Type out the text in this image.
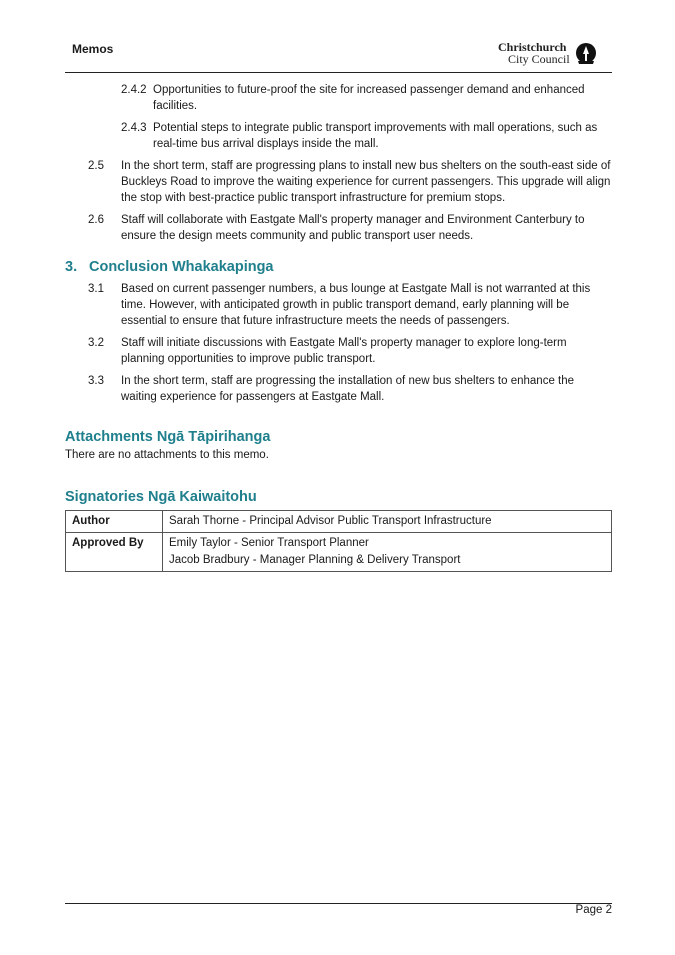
Memos	Christchurch
City Council
2.4.2 Opportunities to future-proof the site for increased passenger demand and enhanced facilities.
2.4.3 Potential steps to integrate public transport improvements with mall operations, such as real-time bus arrival displays inside the mall.
2.5 In the short term, staff are progressing plans to install new bus shelters on the south-east side of Buckleys Road to improve the waiting experience for current passengers. This upgrade will align the stop with best-practice public transport infrastructure for premium stops.
2.6 Staff will collaborate with Eastgate Mall's property manager and Environment Canterbury to ensure the design meets community and public transport user needs.
3. Conclusion Whakakapinga
3.1 Based on current passenger numbers, a bus lounge at Eastgate Mall is not warranted at this time. However, with anticipated growth in public transport demand, early planning will be essential to ensure that future infrastructure meets the needs of passengers.
3.2 Staff will initiate discussions with Eastgate Mall's property manager to explore long-term planning opportunities to improve public transport.
3.3 In the short term, staff are progressing the installation of new bus shelters to enhance the waiting experience for passengers at Eastgate Mall.
Attachments Ngā Tāpirihanga
There are no attachments to this memo.
Signatories Ngā Kaiwaitohu
Author	Sarah Thorne - Principal Advisor Public Transport Infrastructure

Approved By	Emily Taylor - Senior Transport Planner
Jacob Bradbury - Manager Planning & Delivery Transport
Page 2
